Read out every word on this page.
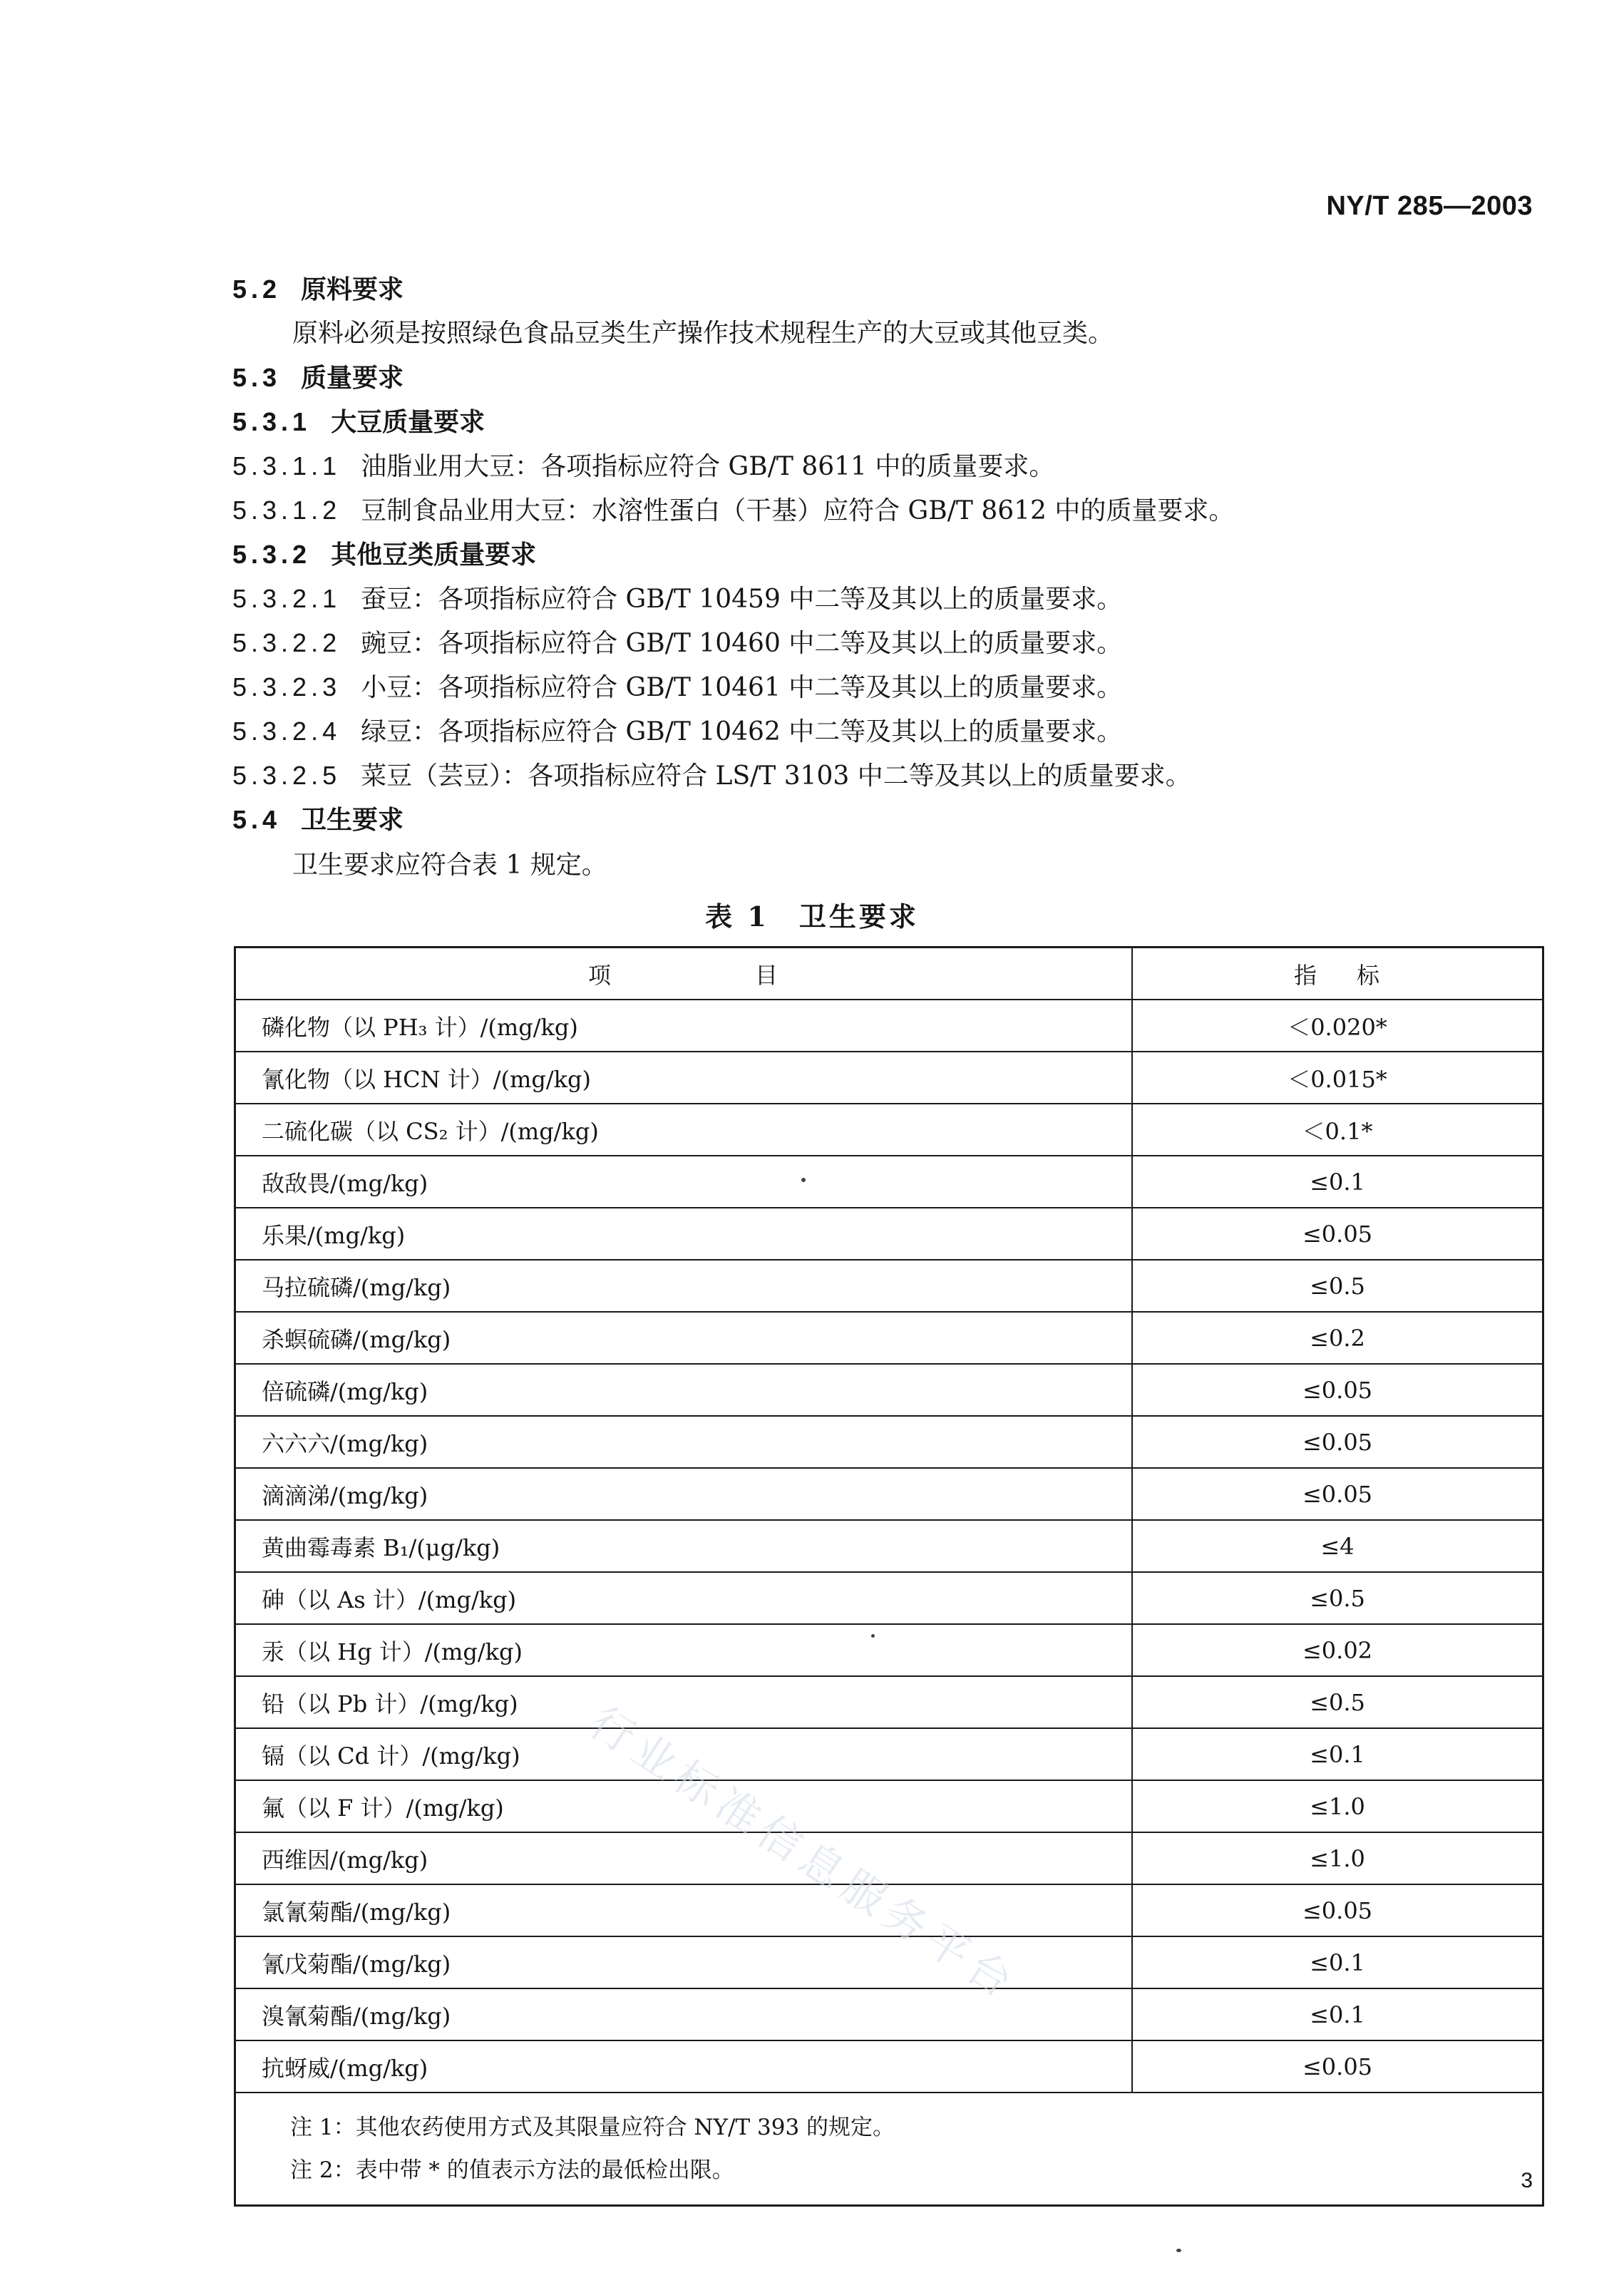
NY/T 285—2003
5.2 原料要求
原料必须是按照绿色食品豆类生产操作技术规程生产的大豆或其他豆类。
5.3 质量要求
5.3.1 大豆质量要求
5.3.1.1 油脂业用大豆：各项指标应符合 GB/T 8611 中的质量要求。
5.3.1.2 豆制食品业用大豆：水溶性蛋白（干基）应符合 GB/T 8612 中的质量要求。
5.3.2 其他豆类质量要求
5.3.2.1 蚕豆：各项指标应符合 GB/T 10459 中二等及其以上的质量要求。
5.3.2.2 豌豆：各项指标应符合 GB/T 10460 中二等及其以上的质量要求。
5.3.2.3 小豆：各项指标应符合 GB/T 10461 中二等及其以上的质量要求。
5.3.2.4 绿豆：各项指标应符合 GB/T 10462 中二等及其以上的质量要求。
5.3.2.5 菜豆（芸豆）：各项指标应符合 LS/T 3103 中二等及其以上的质量要求。
5.4 卫生要求
卫生要求应符合表 1 规定。
表 1　卫生要求
项 目	指 标
磷化物（以 PH₃ 计）/(mg/kg)	＜0.020*
氰化物（以 HCN 计）/(mg/kg)	＜0.015*
二硫化碳（以 CS₂ 计）/(mg/kg)	＜0.1*
敌敌畏/(mg/kg)	≤0.1
乐果/(mg/kg)	≤0.05
马拉硫磷/(mg/kg)	≤0.5
杀螟硫磷/(mg/kg)	≤0.2
倍硫磷/(mg/kg)	≤0.05
六六六/(mg/kg)	≤0.05
滴滴涕/(mg/kg)	≤0.05
黄曲霉毒素 B₁/(μg/kg)	≤4
砷（以 As 计）/(mg/kg)	≤0.5
汞（以 Hg 计）/(mg/kg)	≤0.02
铅（以 Pb 计）/(mg/kg)	≤0.5
镉（以 Cd 计）/(mg/kg)	≤0.1
氟（以 F 计）/(mg/kg)	≤1.0
西维因/(mg/kg)	≤1.0
氯氰菊酯/(mg/kg)	≤0.05
氰戊菊酯/(mg/kg)	≤0.1
溴氰菊酯/(mg/kg)	≤0.1
抗蚜威/(mg/kg)	≤0.05

注 1：其他农药使用方式及其限量应符合 NY/T 393 的规定。
注 2：表中带 * 的值表示方法的最低检出限。	
行业标准信息服务平台
3
